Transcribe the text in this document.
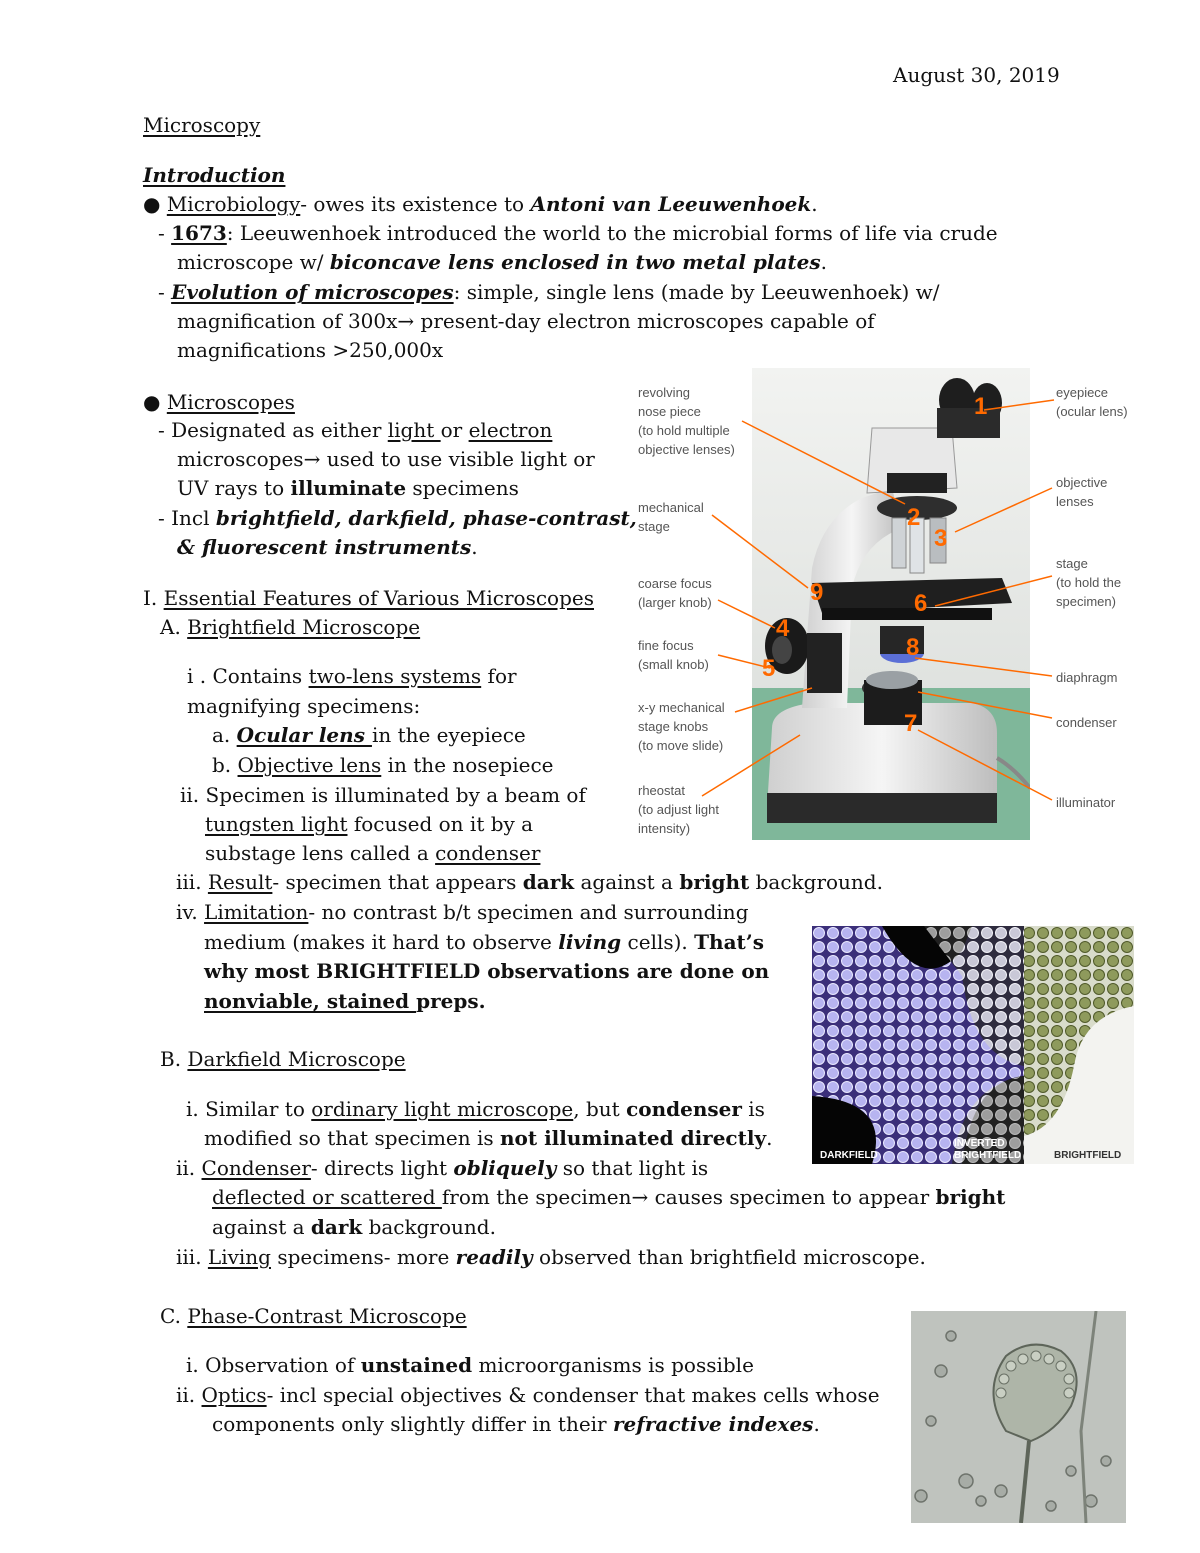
August 30, 2019
Microscopy
Introduction
● Microbiology- owes its existence to Antoni van Leeuwenhoek.
- 1673: Leeuwenhoek introduced the world to the microbial forms of life via crude
microscope w/ biconcave lens enclosed in two metal plates.
- Evolution of microscopes: simple, single lens (made by Leeuwenhoek) w/
magnification of 300x→ present-day electron microscopes capable of
magnifications >250,000x
● Microscopes
- Designated as either light or electron
microscopes→ used to use visible light or
UV rays to illuminate specimens
- Incl brightfield, darkfield, phase-contrast,
& fluorescent instruments.
I. Essential Features of Various Microscopes
A. Brightfield Microscope
i . Contains two-lens systems for
magnifying specimens:
a. Ocular lens in the eyepiece
b. Objective lens in the nosepiece
ii. Specimen is illuminated by a beam of
tungsten light focused on it by a
substage lens called a condenser
iii. Result- specimen that appears dark against a bright background.
iv. Limitation- no contrast b/t specimen and surrounding
medium (makes it hard to observe living cells). That’s
why most BRIGHTFIELD observations are done on
nonviable, stained preps.
B. Darkfield Microscope
i. Similar to ordinary light microscope, but condenser is
modified so that specimen is not illuminated directly.
ii. Condenser- directs light obliquely so that light is
deflected or scattered from the specimen→ causes specimen to appear bright
against a dark background.
iii. Living specimens- more readily observed than brightfield microscope.
C. Phase-Contrast Microscope
i. Observation of unstained microorganisms is possible
ii. Optics- incl special objectives & condenser that makes cells whose
components only slightly differ in their refractive indexes.
1
2
3
4
5
6
7
8
9
revolving
nose piece
(to hold multiple
objective lenses)
mechanical
stage
coarse focus
(larger knob)
fine focus
(small knob)
x-y mechanical
stage knobs
(to move slide)
rheostat
(to adjust light
intensity)
eyepiece
(ocular lens)
objective
lenses
stage
(to hold the
specimen)
diaphragm
condenser
illuminator
DARKFIELD
INVERTED
BRIGHTFIELD	BRIGHTFIELD
